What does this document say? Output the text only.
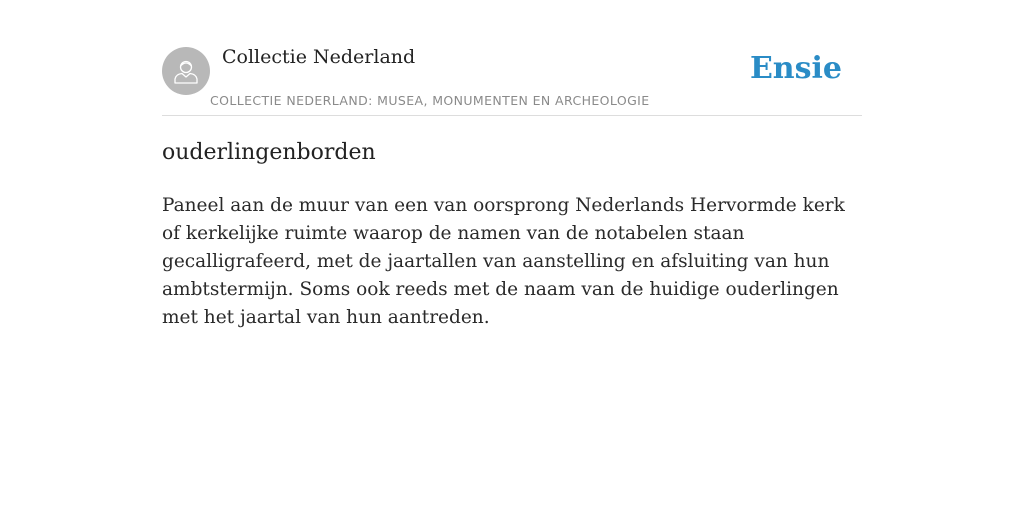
Collectie Nederland
COLLECTIE NEDERLAND: MUSEA, MONUMENTEN EN ARCHEOLOGIE
Ensie
ouderlingenborden

Paneel aan de muur van een van oorsprong Nederlands Hervormde kerk of kerkelijke ruimte waarop de namen van de notabelen staan gecalligrafeerd, met de jaartallen van aanstelling en afsluiting van hun ambtstermijn. Soms ook reeds met de naam van de huidige ouderlingen met het jaartal van hun aantreden.
